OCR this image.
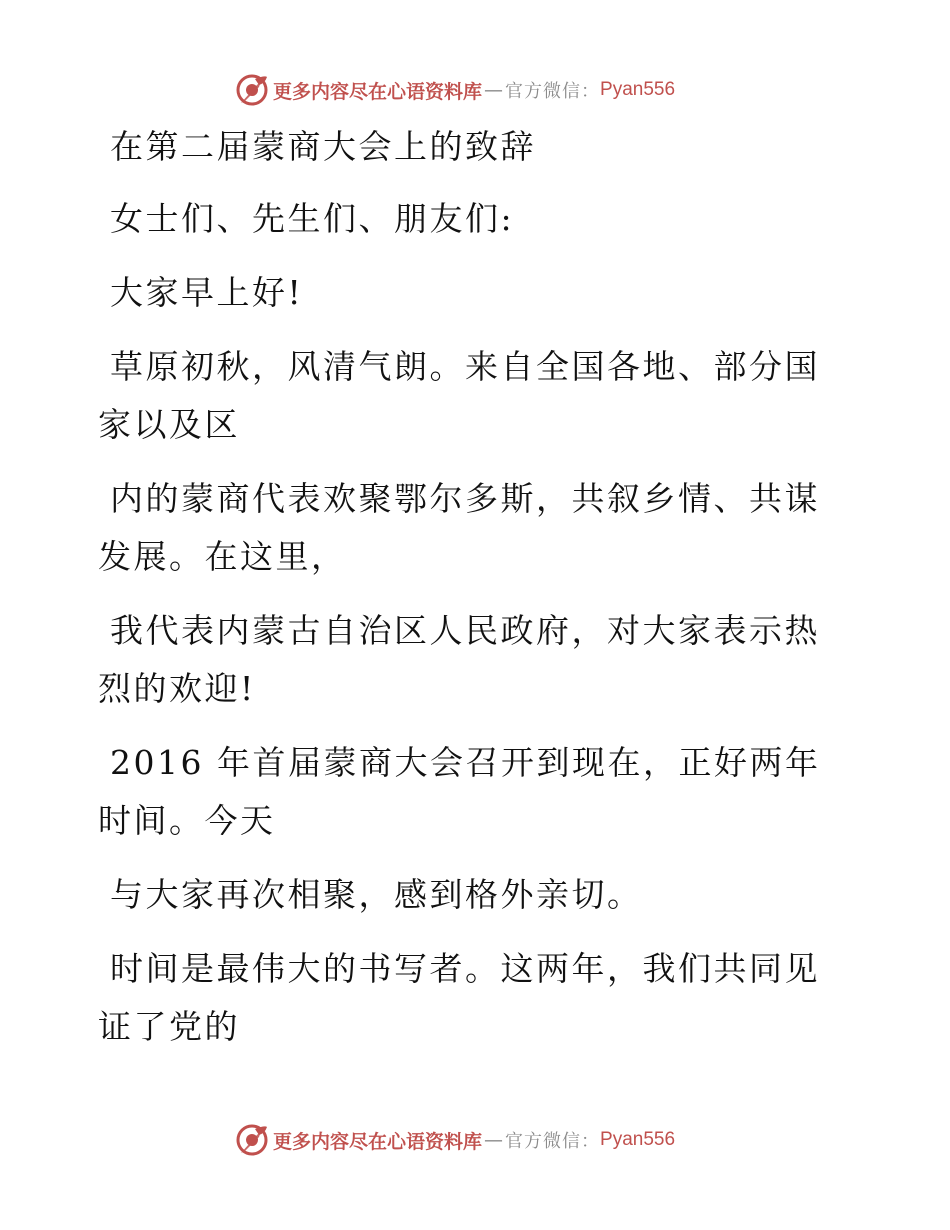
更多内容尽在心语资料库 — 官方微信： Pyan556

在第二届蒙商大会上的致辞

女士们、先生们、朋友们:

大家早上好!

草原初秋，风清气朗。来自全国各地、部分国家以及区

内的蒙商代表欢聚鄂尔多斯，共叙乡情、共谋发展。在这里，

我代表内蒙古自治区人民政府，对大家表示热烈的欢迎!

2016 年首届蒙商大会召开到现在，正好两年时间。今天

与大家再次相聚，感到格外亲切。

时间是最伟大的书写者。这两年，我们共同见证了党的

更多内容尽在心语资料库 — 官方微信： Pyan556
